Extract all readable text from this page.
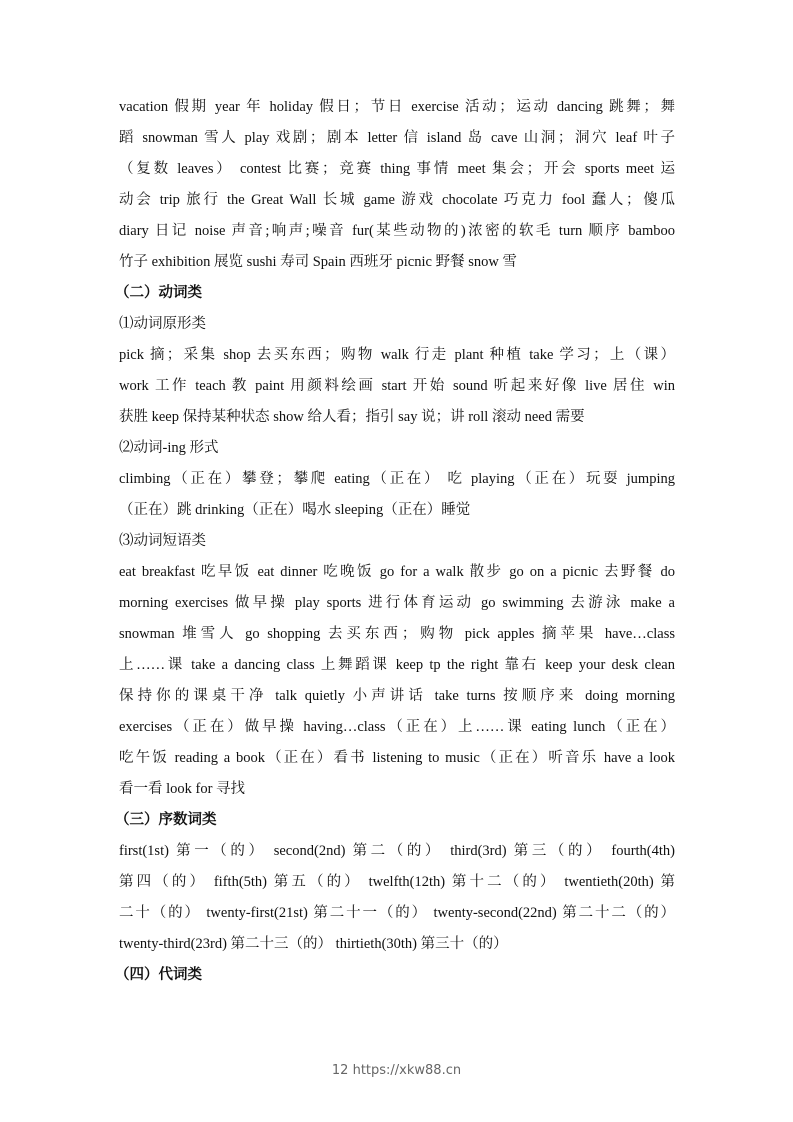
vacation 假期 year 年 holiday 假日；节日 exercise 活动；运动 dancing 跳舞；舞
蹈 snowman 雪人 play 戏剧；剧本 letter 信 island 岛 cave 山洞；洞穴 leaf 叶子
（复数 leaves） contest 比赛；竞赛 thing 事情 meet 集会；开会 sports meet 运
动会 trip 旅行 the Great Wall 长城 game 游戏 chocolate 巧克力 fool 蠢人；傻瓜
diary 日记 noise 声音;响声;噪音 fur(某些动物的)浓密的软毛 turn 顺序 bamboo
竹子 exhibition 展览 sushi 寿司 Spain 西班牙 picnic 野餐 snow 雪
（二）动词类
⑴动词原形类
pick 摘；采集 shop 去买东西；购物 walk 行走 plant 种植 take 学习；上（课）
work 工作 teach 教 paint 用颜料绘画 start 开始 sound 听起来好像 live 居住 win
获胜 keep 保持某种状态 show 给人看；指引 say 说；讲 roll 滚动 need 需要
⑵动词-ing 形式
climbing（正在）攀登；攀爬 eating（正在） 吃 playing（正在）玩耍 jumping
（正在）跳 drinking（正在）喝水 sleeping（正在）睡觉
⑶动词短语类
eat breakfast 吃早饭 eat dinner 吃晚饭 go for a walk 散步 go on a picnic 去野餐 do
morning exercises 做早操 play sports 进行体育运动 go swimming 去游泳 make a
snowman 堆雪人 go shopping 去买东西；购物 pick apples 摘苹果 have…class
上……课 take a dancing class 上舞蹈课 keep tp the right 靠右 keep your desk clean
保持你的课桌干净 talk quietly 小声讲话 take turns 按顺序来 doing morning
exercises（正在）做早操 having…class（正在）上……课 eating lunch（正在）
吃午饭 reading a book（正在）看书 listening to music（正在）听音乐 have a look
看一看 look for 寻找
（三）序数词类
first(1st) 第一（的） second(2nd) 第二（的） third(3rd) 第三（的） fourth(4th)
第四（的） fifth(5th) 第五（的） twelfth(12th) 第十二（的） twentieth(20th) 第
二十（的） twenty-first(21st) 第二十一（的） twenty-second(22nd) 第二十二（的）
twenty-third(23rd) 第二十三（的） thirtieth(30th) 第三十（的）
（四）代词类
12 https://xkw88.cn
